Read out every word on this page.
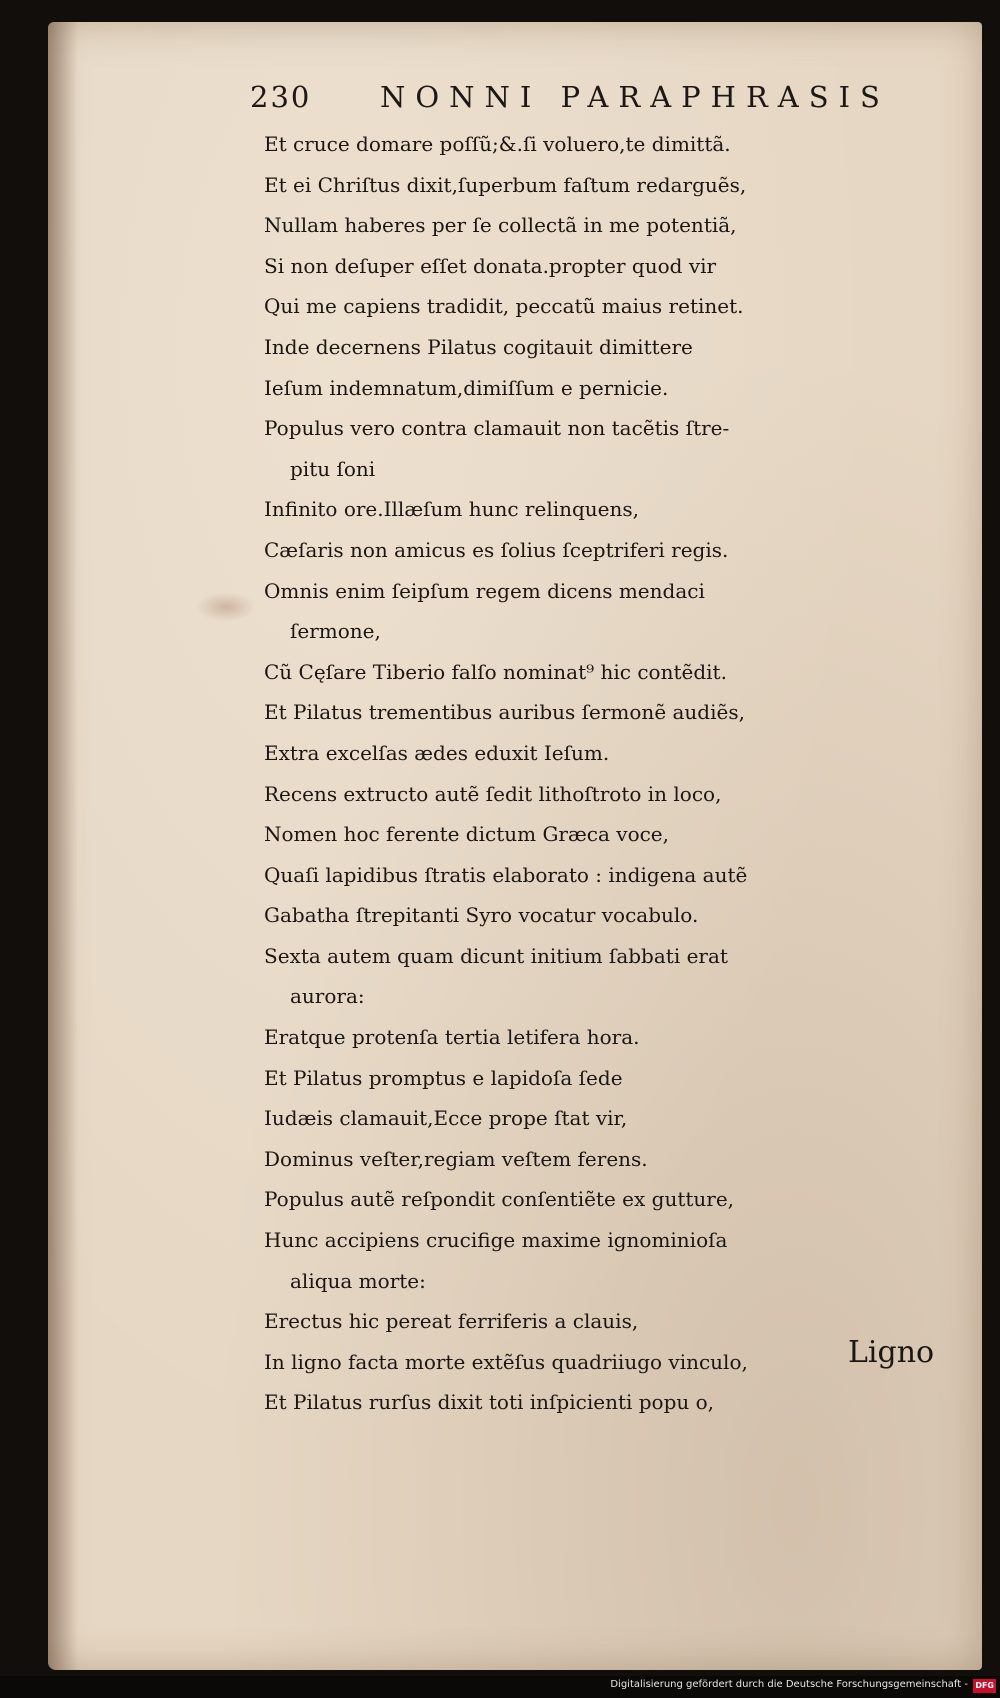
230 NONNI PARAPHRASIS
Et cruce domare poſſũ;&.ſi voluero,te dimittã.
Et ei Chriſtus dixit,ſuperbum faſtum redarguẽs,
Nullam haberes per ſe collectã in me potentiã,
Si non deſuper eſſet donata.propter quod vir
Qui me capiens tradidit, peccatũ maius retinet.
Inde decernens Pilatus cogitauit dimittere
Ieſum indemnatum,dimiſſum e pernicie.
Populus vero contra clamauit non tacẽtis ſtre-
pitu ſoni
Infinito ore.Illæſum hunc relinquens,
Cæſaris non amicus es ſolius ſceptriferi regis.
Omnis enim ſeipſum regem dicens mendaci
ſermone,
Cũ Cęſare Tiberio falſo nominat⁹ hic contẽdit.
Et Pilatus trementibus auribus ſermonẽ audiẽs,
Extra excelſas ædes eduxit Ieſum.
Recens extructo autẽ ſedit lithoſtroto in loco,
Nomen hoc ferente dictum Græca voce,
Quaſi lapidibus ſtratis elaborato : indigena autẽ
Gabatha ſtrepitanti Syro vocatur vocabulo.
Sexta autem quam dicunt initium ſabbati erat
aurora:
Eratque protenſa tertia letifera hora.
Et Pilatus promptus e lapidoſa ſede
Iudæis clamauit,Ecce prope ſtat vir,
Dominus veſter,regiam veſtem ferens.
Populus autẽ reſpondit conſentiẽte ex gutture,
Hunc accipiens crucifige maxime ignominioſa
aliqua morte:
Erectus hic pereat ferriferis a clauis,
In ligno facta morte extẽſus quadriiugo vinculo,
Et Pilatus rurſus dixit toti inſpicienti popu o,
Ligno
Digitalisierung gefördert durch die Deutsche Forschungsgemeinschaft - DFG
